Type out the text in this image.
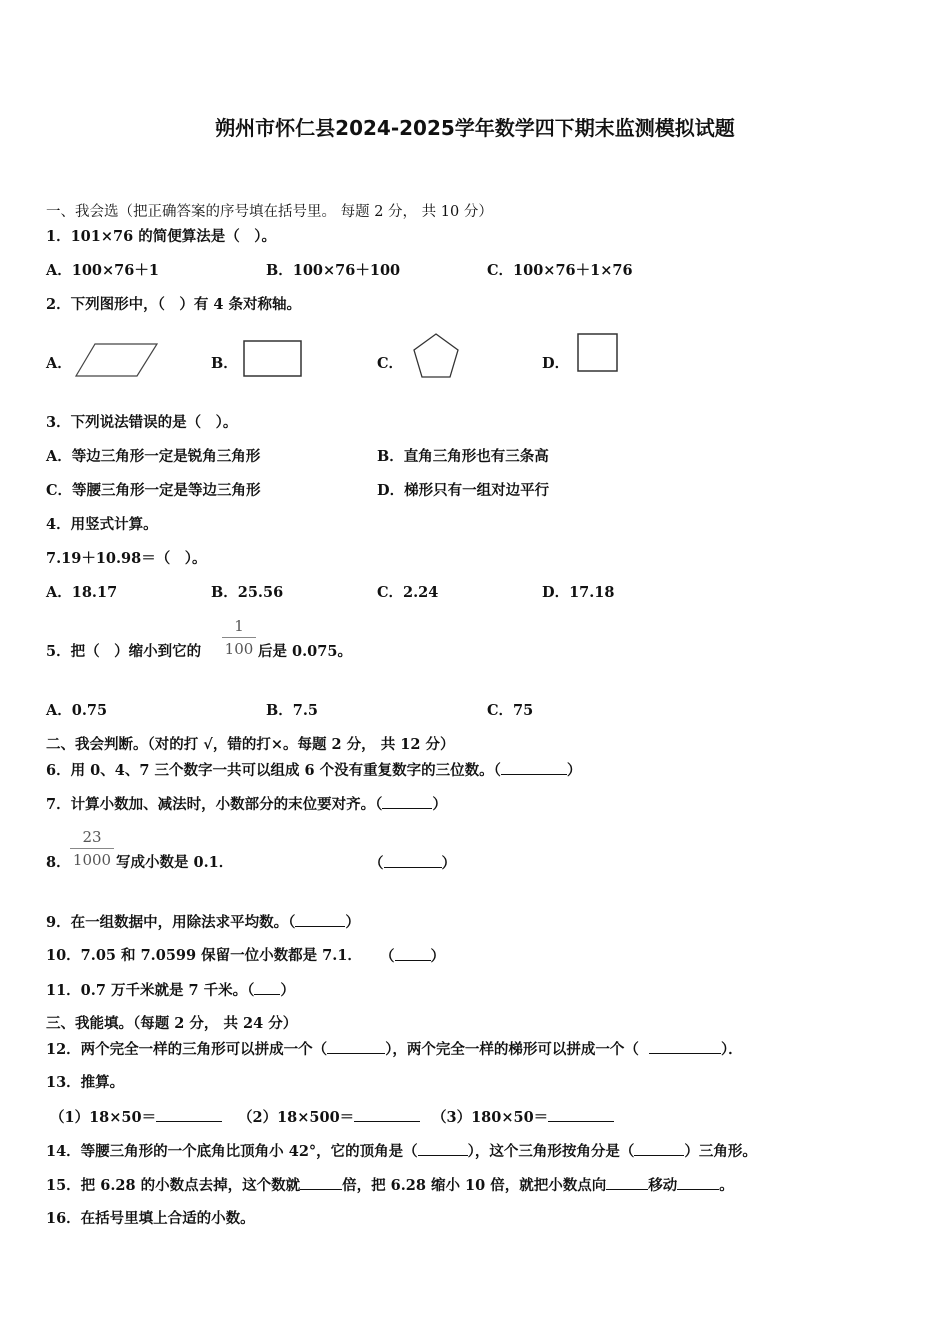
朔州市怀仁县2024-2025学年数学四下期末监测模拟试题
一、我会选（把正确答案的序号填在括号里。 每题 2 分， 共 10 分）
1．101×76 的简便算法是（　）。
A．100×76＋1	B．100×76＋100	C．100×76＋1×76
2．下列图形中，（　）有 4 条对称轴。
A．	B．	C．	D．
3．下列说法错误的是（　）。
A．等边三角形一定是锐角三角形	B．直角三角形也有三条高
C．等腰三角形一定是等边三角形	D．梯形只有一组对边平行
4．用竖式计算。
7.19＋10.98＝（　）。
A．18.17	B．25.56	C．2.24	D．17.18
5．把（　）缩小到它的
1
100 后是 0.075。
A．0.75	B．7.5	C．75
二、我会判断。（对的打 √，错的打×。每题 2 分， 共 12 分）
6．用 0、4、7 三个数字一共可以组成 6 个没有重复数字的三位数。（	）
7．计算小数加、减法时，小数部分的末位要对齐。（	）
8．
23
1000 写成小数是 0.1．	（	）
9．在一组数据中，用除法求平均数。（	）
10．7.05 和 7.0599 保留一位小数都是 7.1． （ ）
11．0.7 万千米就是 7 千米。（ ）
三、我能填。（每题 2 分， 共 24 分）
12．两个完全一样的三角形可以拼成一个（	），两个完全一样的梯形可以拼成一个（	）．
13．推算。
（1）18×50＝	（2）18×500＝	（3）180×50＝
14．等腰三角形的一个底角比顶角小 42°，它的顶角是（	），这个三角形按角分是（	）三角形。
15．把 6.28 的小数点去掉，这个数就	倍，把 6.28 缩小 10 倍，就把小数点向	移动	。
16．在括号里填上合适的小数。
